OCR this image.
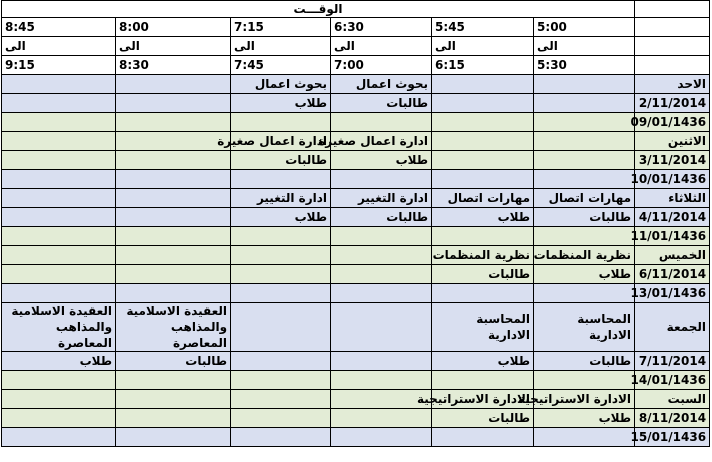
	الوقـــت					
	5:00	5:45	6:30	7:15	8:00	8:45
	الى	الى	الى	الى	الى	الى
	5:30	6:15	7:00	7:45	8:30	9:15
الاحد			بحوث اعمال	بحوث اعمال		
2/11/2014			طالبات	طلاب		
09/01/1436						
الاثنين			ادارة اعمال صغيرة	ادارة اعمال صغيرة		
3/11/2014			طلاب	طالبات		
10/01/1436						
الثلاثاء	مهارات اتصال	مهارات اتصال	ادارة التغيير	ادارة التغيير		
4/11/2014	طالبات	طلاب	طالبات	طلاب		
11/01/1436						
الخميس	نظرية المنظمات	نظرية المنظمات				
6/11/2014	طلاب	طالبات				
13/01/1436						
الجمعة	المحاسبة الادارية	المحاسبة الادارية			العقيدة الاسلامية والمذاهب المعاصرة	العقيدة الاسلامية والمذاهب المعاصرة
7/11/2014	طالبات	طلاب			طالبات	طلاب
14/01/1436						
السبت	الادارة الاستراتيجية	الادارة الاستراتيجية				
8/11/2014	طلاب	طالبات				
15/01/1436						
